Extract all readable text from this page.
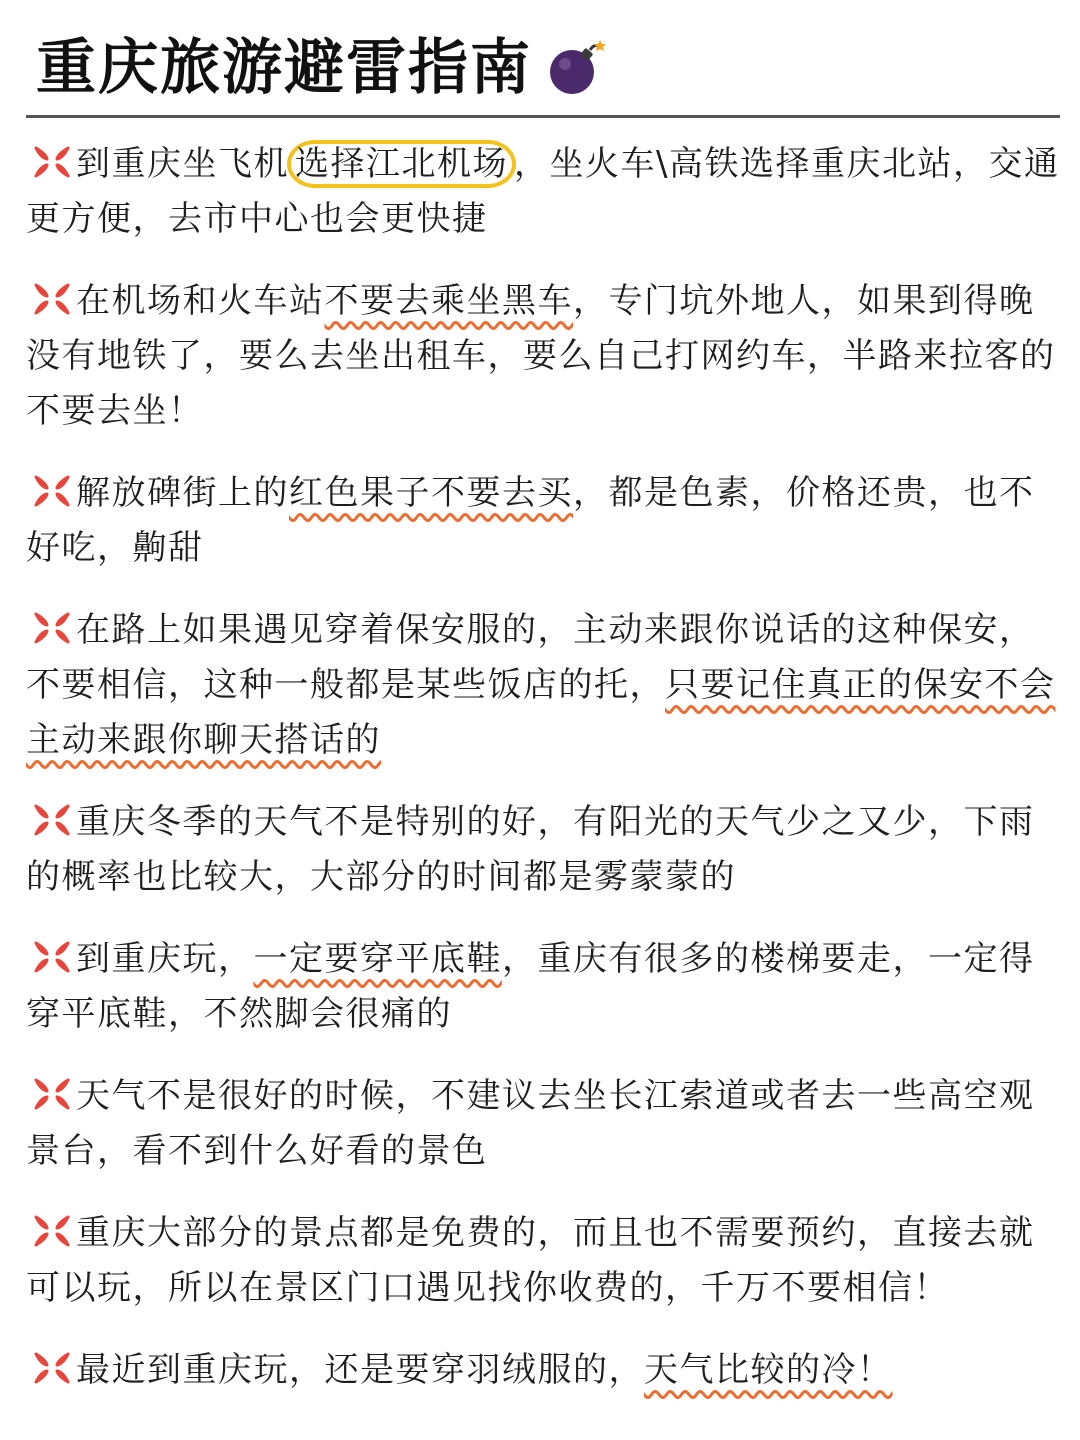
重庆旅游避雷指南

到重庆坐飞机 选择江北机场 ，坐火车\高铁选择重庆北站，交通更方便，去市中心也会更快捷

在机场和火车站不要去乘坐黑车，专门坑外地人，如果到得晚没有地铁了，要么去坐出租车，要么自己打网约车，半路来拉客的不要去坐！

解放碑街上的红色果子不要去买，都是色素，价格还贵，也不好吃，齁甜

在路上如果遇见穿着保安服的，主动来跟你说话的这种保安，不要相信，这种一般都是某些饭店的托，只要记住真正的保安不会主动来跟你聊天搭话的

重庆冬季的天气不是特别的好，有阳光的天气少之又少，下雨的概率也比较大，大部分的时间都是雾蒙蒙的

到重庆玩，一定要穿平底鞋，重庆有很多的楼梯要走，一定得穿平底鞋，不然脚会很痛的

天气不是很好的时候，不建议去坐长江索道或者去一些高空观景台，看不到什么好看的景色

重庆大部分的景点都是免费的，而且也不需要预约，直接去就可以玩，所以在景区门口遇见找你收费的，千万不要相信！

最近到重庆玩，还是要穿羽绒服的，天气比较的冷！
